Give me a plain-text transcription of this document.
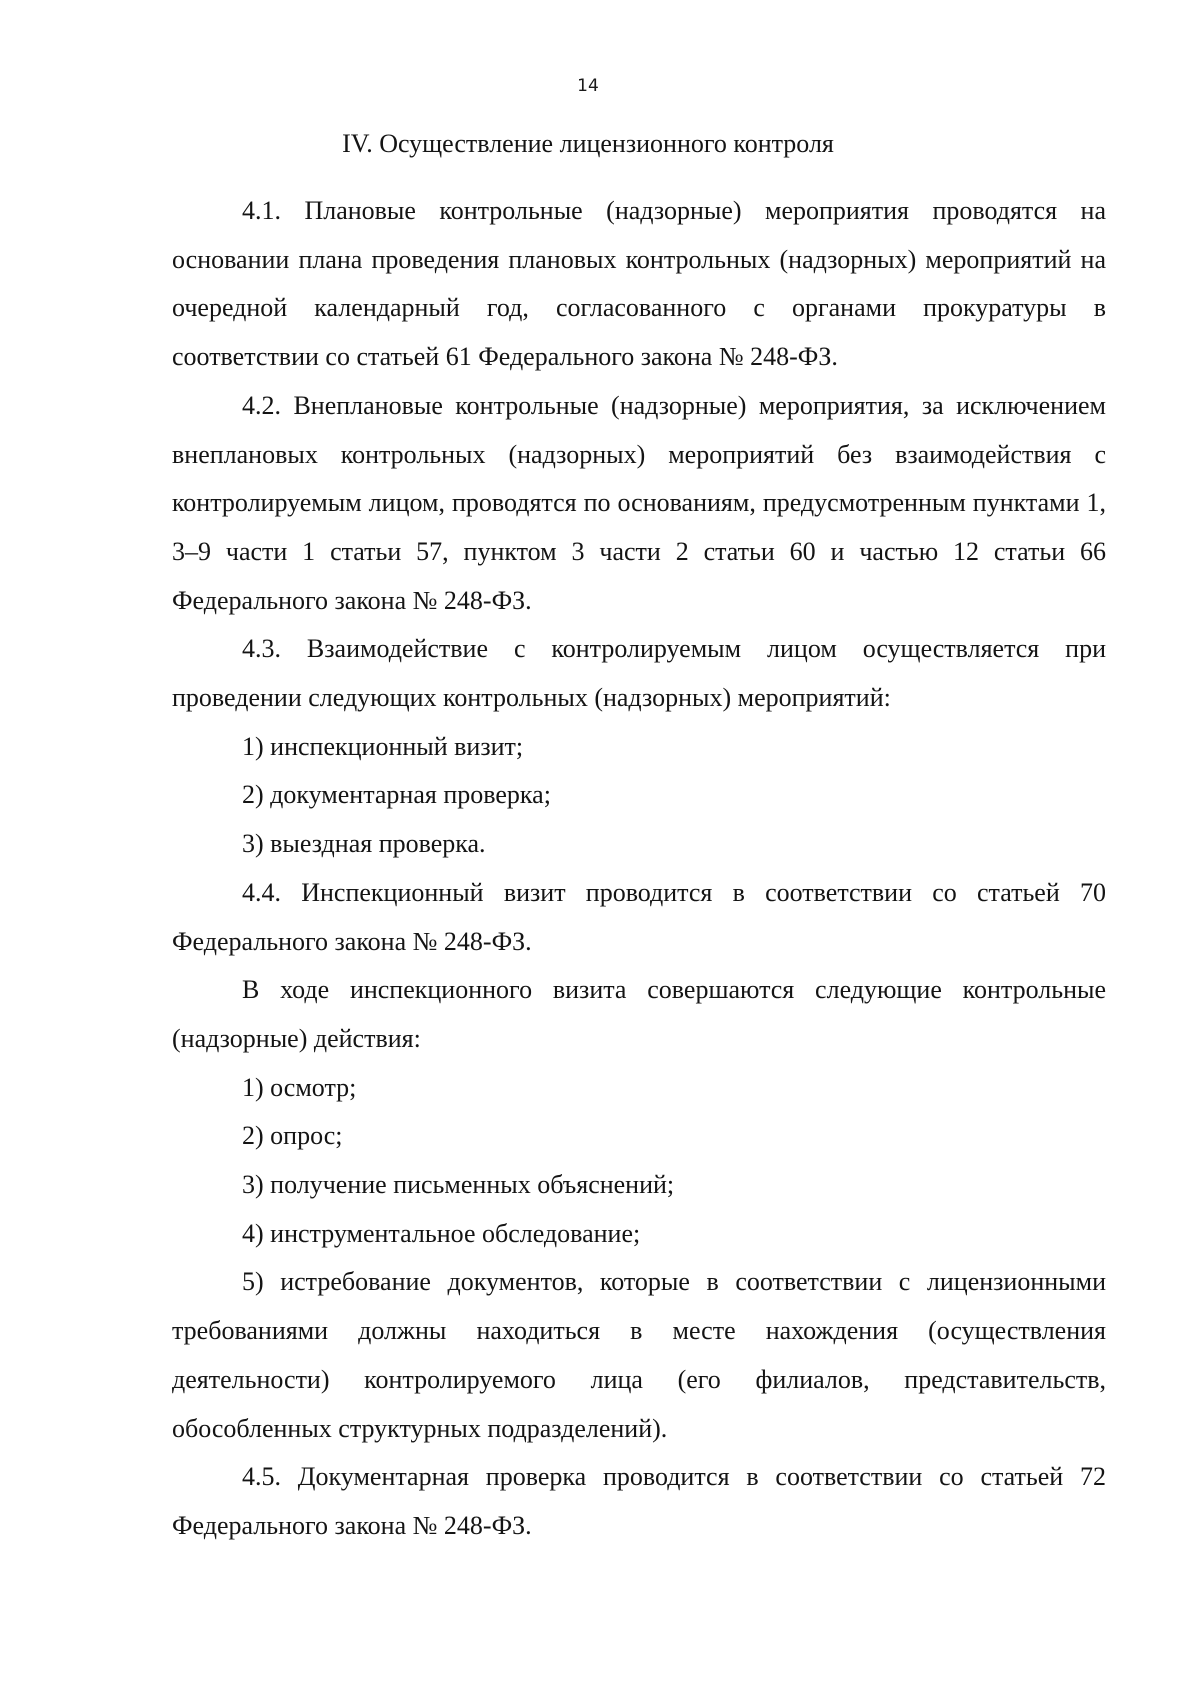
14
IV. Осуществление лицензионного контроля

4.1. Плановые контрольные (надзорные) мероприятия проводятся на основании плана проведения плановых контрольных (надзорных) мероприятий на очередной календарный год, согласованного с органами прокуратуры в соответствии со статьей 61 Федерального закона № 248-ФЗ.

4.2. Внеплановые контрольные (надзорные) мероприятия, за исключением внеплановых контрольных (надзорных) мероприятий без взаимодействия с контролируемым лицом, проводятся по основаниям, предусмотренным пунктами 1, 3–9 части 1 статьи 57, пунктом 3 части 2 статьи 60 и частью 12 статьи 66 Федерального закона № 248-ФЗ.

4.3. Взаимодействие с контролируемым лицом осуществляется при проведении следующих контрольных (надзорных) мероприятий:

1) инспекционный визит;

2) документарная проверка;

3) выездная проверка.

4.4. Инспекционный визит проводится в соответствии со статьей 70 Федерального закона № 248-ФЗ.

В ходе инспекционного визита совершаются следующие контрольные (надзорные) действия:

1) осмотр;

2) опрос;

3) получение письменных объяснений;

4) инструментальное обследование;

5) истребование документов, которые в соответствии с лицензионными требованиями должны находиться в месте нахождения (осуществления деятельности) контролируемого лица (его филиалов, представительств, обособленных структурных подразделений).

4.5. Документарная проверка проводится в соответствии со статьей 72 Федерального закона № 248-ФЗ.
